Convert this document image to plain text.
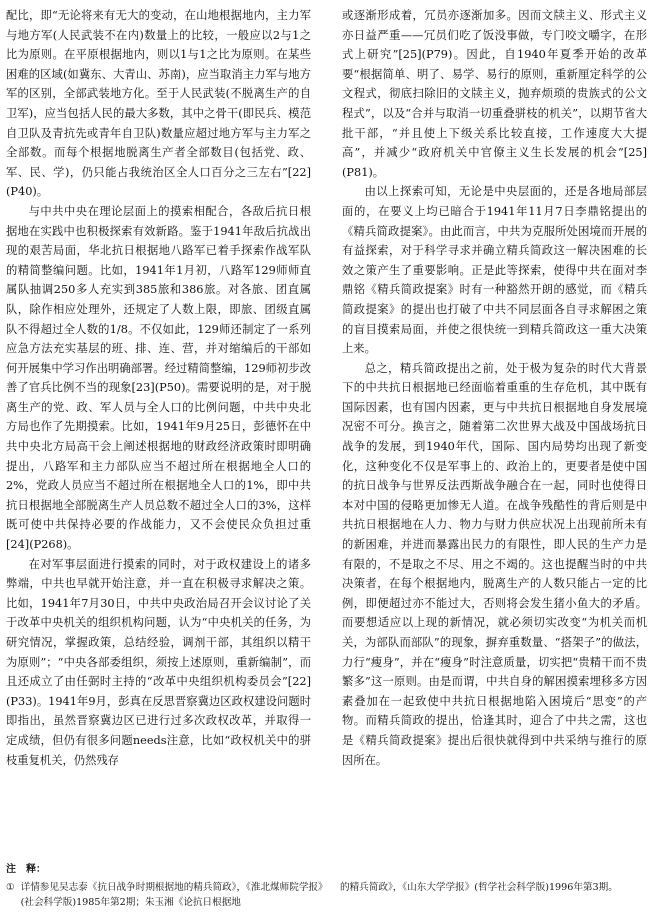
配比，即“无论将来有无大的变动，在山地根据地内，主力军与地方军(人民武装不在内)数量上的比较，一般应以2与1之比为原则。在平原根据地内，则以1与1之比为原则。在某些困难的区域(如冀东、大青山、苏南)，应当取消主力军与地方军的区别，全部武装地方化。至于人民武装(不脱离生产的自卫军)，应当包括人民的最大多数，其中之骨干(即民兵、模范自卫队及青抗先或青年自卫队)数量应超过地方军与主力军之全部数。而每个根据地脱离生产者全部数目(包括党、政、军、民、学)，仍只能占我统治区全人口百分之三左右”[22](P40)。

与中共中央在理论层面上的摸索相配合，各敌后抗日根据地在实践中也积极探索有效新路。鉴于1941年敌后抗战出现的艰苦局面，华北抗日根据地八路军已着手探索作战军队的精简整编问题。比如，1941年1月初，八路军129师师直属队抽调250多人充实到385旅和386旅。对各旅、团直属队，除作相应处理外，还规定了人数上限，即旅、团级直属队不得超过全人数的1/8。不仅如此，129师还制定了一系列应急方法充实基层的班、排、连、营，并对缩编后的干部如何开展集中学习作出明确部署。经过精简整编，129师初步改善了官兵比例不当的现象[23](P50)。需要说明的是，对于脱离生产的党、政、军人员与全人口的比例问题，中共中央北方局也作了先期摸索。比如，1941年9月25日，彭德怀在中共中央北方局高干会上阐述根据地的财政经济政策时即明确提出，八路军和主力部队应当不超过所在根据地全人口的2%，党政人员应当不超过所在根据地全人口的1%，即中共抗日根据地全部脱离生产人员总数不超过全人口的3%，这样既可使中共保持必要的作战能力，又不会使民众负担过重[24](P268)。

在对军事层面进行摸索的同时，对于政权建设上的诸多弊端，中共也早就开始注意，并一直在积极寻求解决之策。比如，1941年7月30日，中共中央政治局召开会议讨论了关于改革中央机关的组织机构问题，认为“中央机关的任务，为研究情况，掌握政策，总结经验，调剂干部，其组织以精干为原则”；“中央各部委组织，须按上述原则，重新编制”，而且还成立了由任弼时主持的“改革中央组织机构委员会”[22](P33)。1941年9月，彭真在反思晋察冀边区政权建设问题时即指出，虽然晋察冀边区已进行过多次政权改革，并取得一定成绩，但仍有很多问题needs注意，比如“政权机关中的骈枝重复机关，仍然残存

或逐渐形成着，冗员亦逐渐加多。因而文牍主义、形式主义亦日益严重——冗员们吃了饭没事做，专门咬文嚼字，在形式上研究”[25](P79)。因此，自1940年夏季开始的改革要“根据简单、明了、易学、易行的原则，重新厘定科学的公文程式，彻底扫除旧的文牍主义，抛弃烦琐的贵族式的公文程式”，以及“合并与取消一切重叠骈枝的机关”，以期节省大批干部，“并且使上下级关系比较直接，工作速度大大提高”，并减少“政府机关中官僚主义生长发展的机会”[25](P81)。

由以上探索可知，无论是中央层面的，还是各地局部层面的，在要义上均已暗合于1941年11月7日李鼎铭提出的《精兵简政提案》。由此而言，中共为克服所处困境而开展的有益探索，对于科学寻求并确立精兵简政这一解决困难的长效之策产生了重要影响。正是此等探索，使得中共在面对李鼎铭《精兵简政提案》时有一种豁然开朗的感觉，而《精兵简政提案》的提出也打破了中共不同层面各自寻求解困之策的盲目摸索局面，并使之很快统一到精兵简政这一重大决策上来。

总之，精兵简政提出之前，处于极为复杂的时代大背景下的中共抗日根据地已经面临着重重的生存危机，其中既有国际因素，也有国内因素，更与中共抗日根据地自身发展境况密不可分。换言之，随着第二次世界大战及中国战场抗日战争的发展，到1940年代，国际、国内局势均出现了新变化，这种变化不仅是军事上的、政治上的，更要者是使中国的抗日战争与世界反法西斯战争融合在一起，同时也使得日本对中国的侵略更加惨无人道。在战争残酷性的背后则是中共抗日根据地在人力、物力与财力供应状况上出现前所未有的新困难，并进而暴露出民力的有限性，即人民的生产力是有限的，不是取之不尽、用之不竭的。这也提醒当时的中共决策者，在每个根据地内，脱离生产的人数只能占一定的比例，即便超过亦不能过大，否则将会发生猪小鱼大的矛盾。而要想适应以上现的新情况，就必须切实改变“为机关而机关，为部队而部队”的现象，摒弃重数量、“搭架子”的做法，力行“瘦身”，并在“瘦身”时注意质量，切实把“贵精干而不贵繁多”这一原则。由是而谓，中共自身的解困摸索埋移多方因素叠加在一起致使中共抗日根据地陷入困境后“思变”的产物。而精兵简政的提出，恰逢其时，迎合了中共之需，这也是《精兵简政提案》提出后很快就得到中共采纳与推行的原因所在。

注　释：
① 详情参见吴志泰《抗日战争时期根据地的精兵简政》，《淮北煤师院学报》(社会科学版)1985年第2期；朱玉湘《论抗日根据地
的精兵简政》，《山东大学学报》(哲学社会科学版)1996年第3期。
